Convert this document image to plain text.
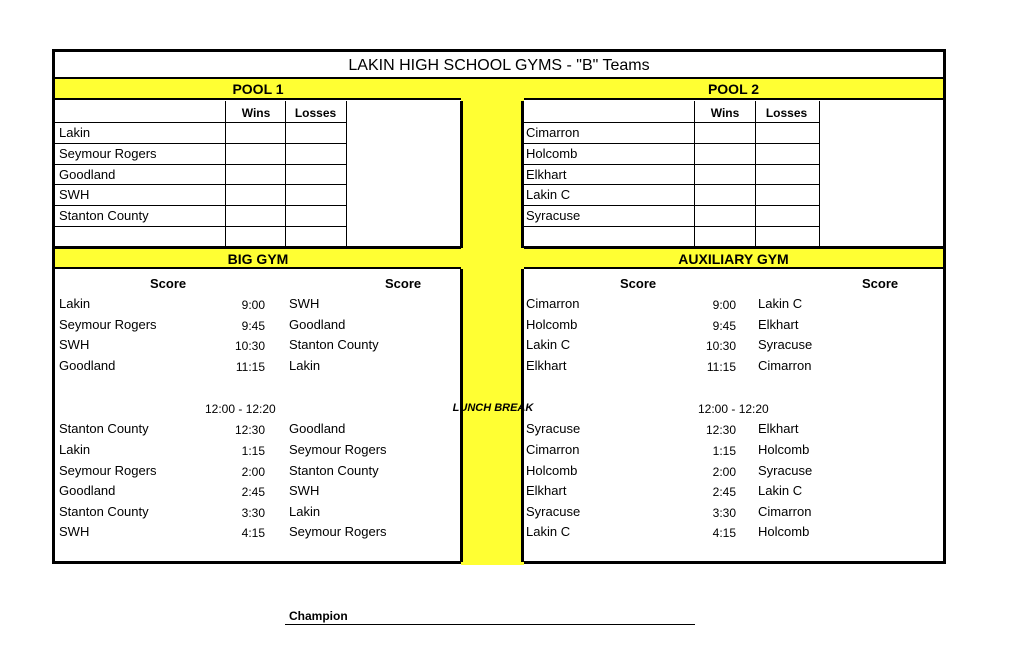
LAKIN HIGH SCHOOL GYMS - "B" Teams
POOL 1	POOL 2
Wins	Losses
Lakin
Seymour Rogers
Goodland
SWH
Stanton County
Wins	Losses
Cimarron
Holcomb
Elkhart
Lakin C
Syracuse
BIG GYM	AUXILIARY GYM
Score	Score
Lakin	9:00 SWH
Seymour Rogers	9:45 Goodland
SWH	10:30 Stanton County
Goodland	11:15 Lakin
12:00 - 12:20
Stanton County	12:30 Goodland
Lakin	1:15 Seymour Rogers
Seymour Rogers	2:00 Stanton County
Goodland	2:45 SWH
Stanton County	3:30 Lakin
SWH	4:15 Seymour Rogers
LUNCH BREAK
Score	Score
Cimarron	9:00 Lakin C
Holcomb	9:45 Elkhart
Lakin C	10:30 Syracuse
Elkhart	11:15 Cimarron
12:00 - 12:20
Syracuse	12:30 Elkhart
Cimarron	1:15 Holcomb
Holcomb	2:00 Syracuse
Elkhart	2:45 Lakin C
Syracuse	3:30 Cimarron
Lakin C	4:15 Holcomb
Champion
